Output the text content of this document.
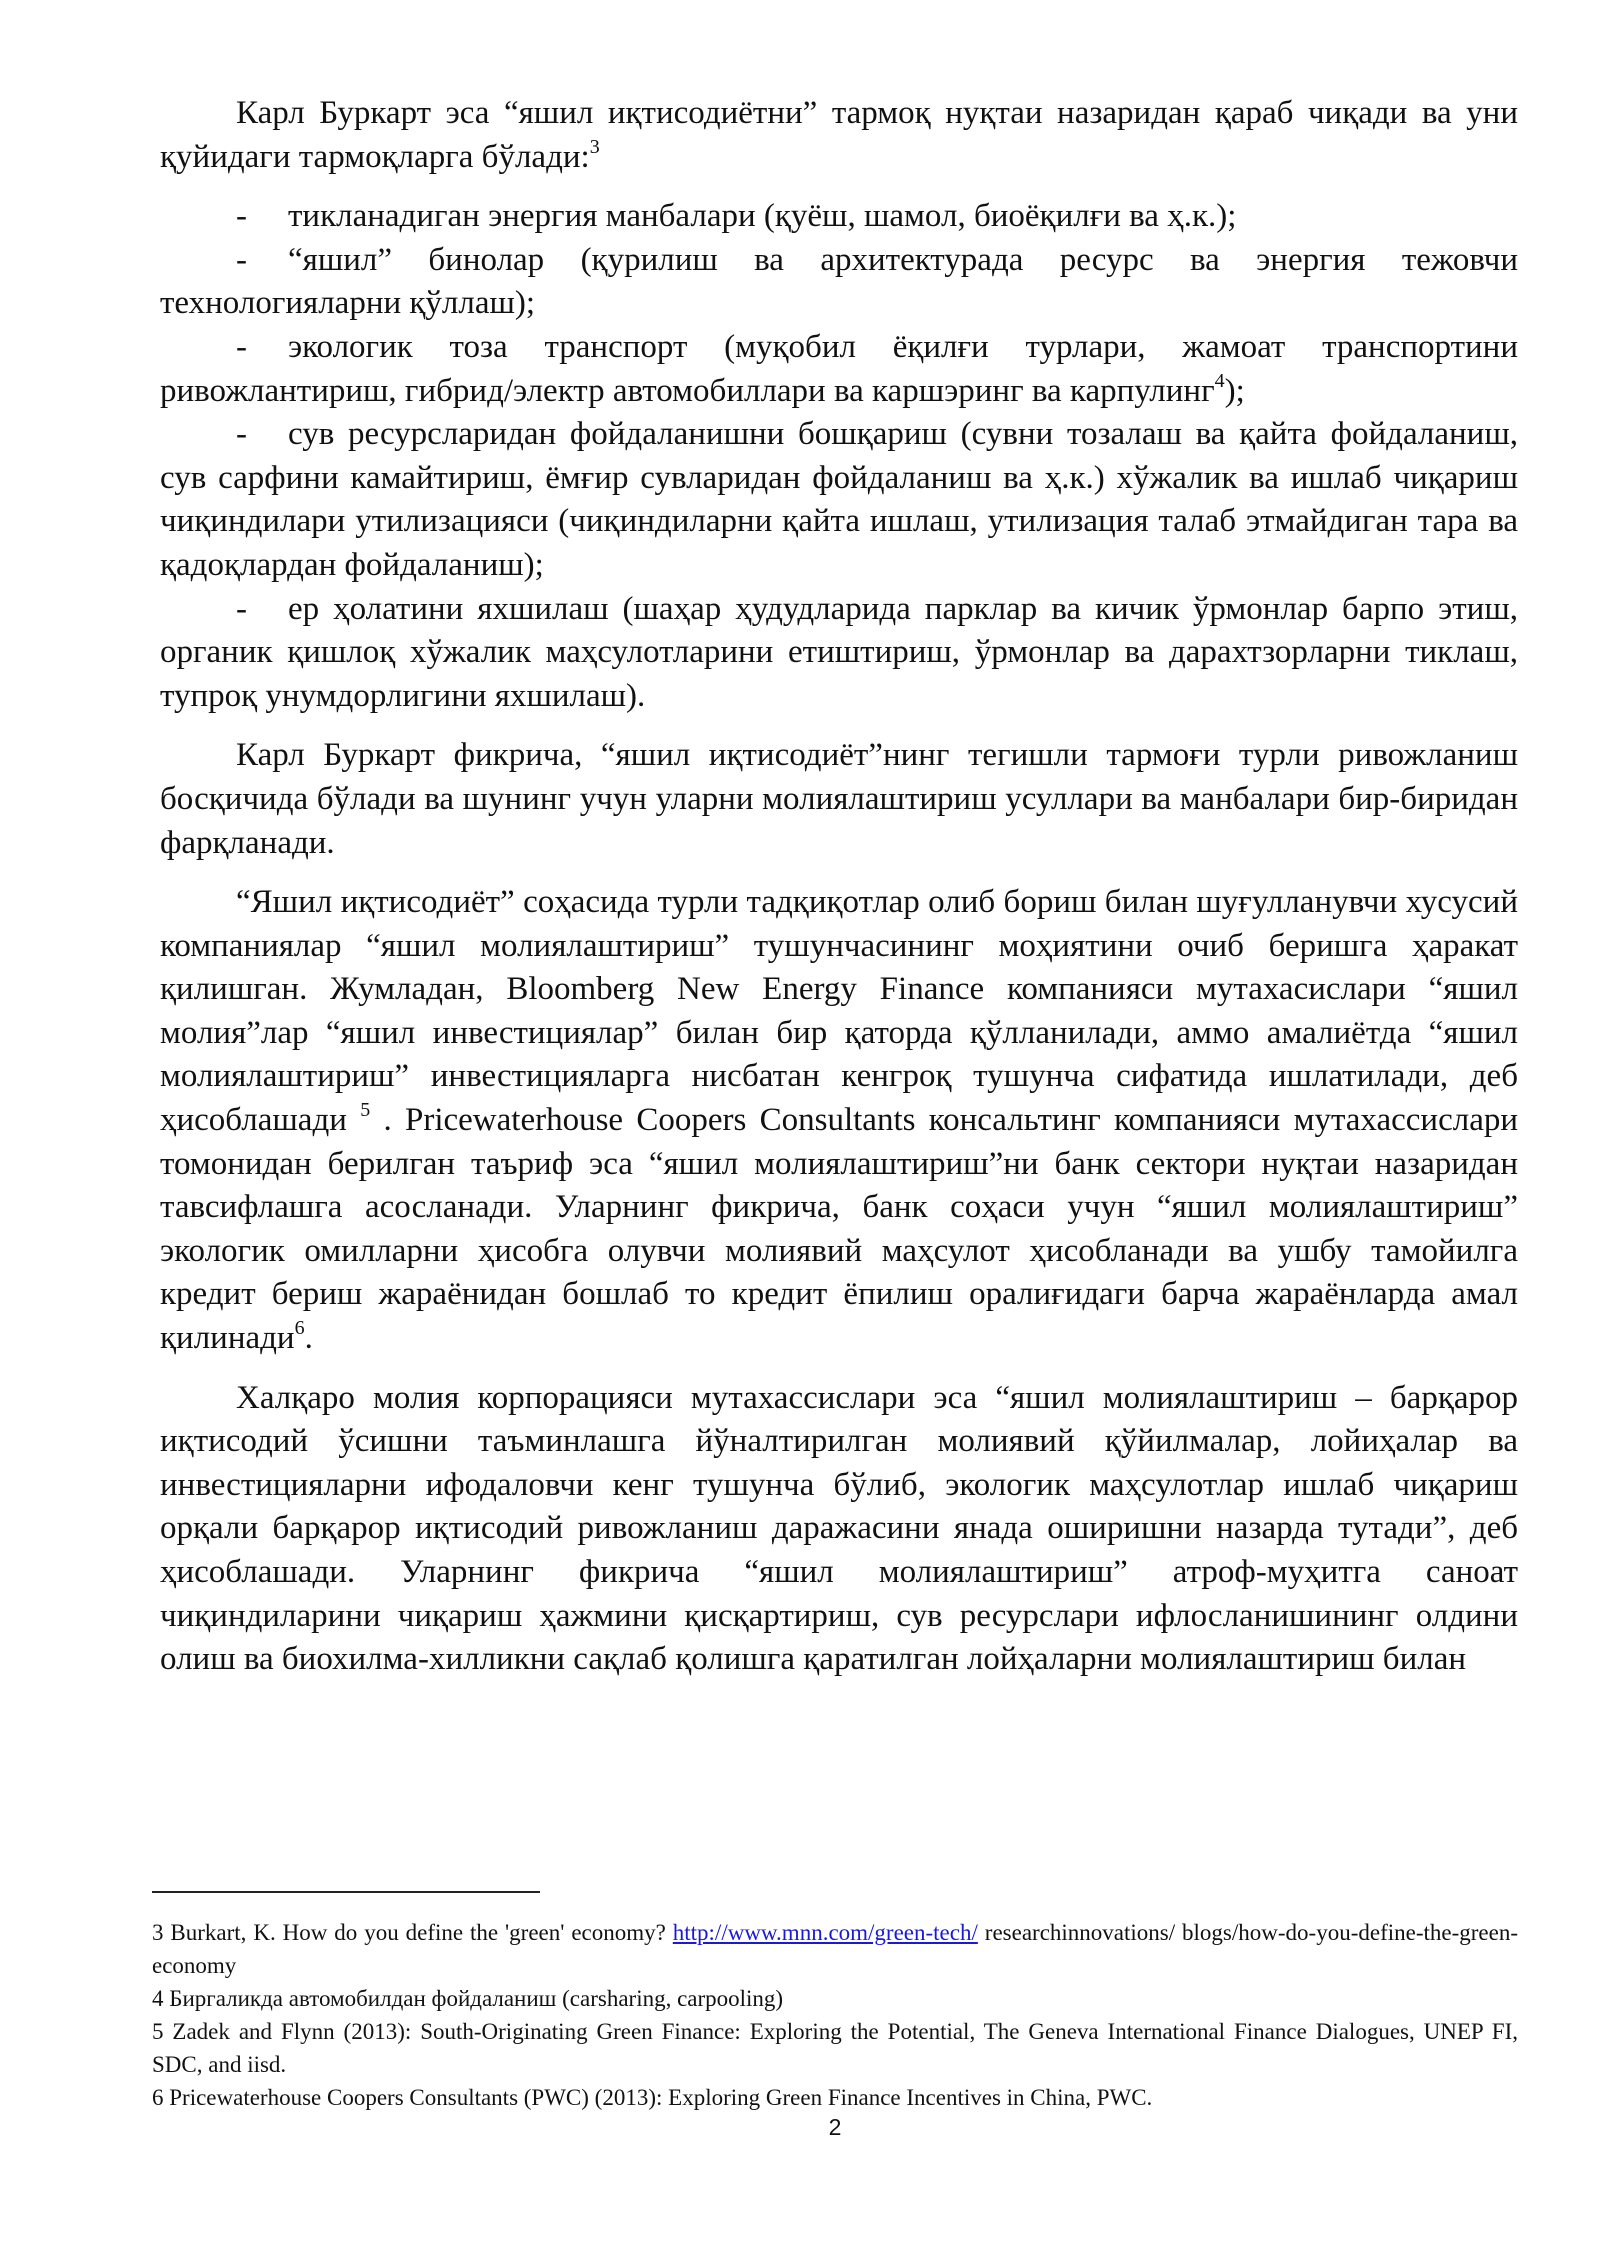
Карл Буркарт эса “яшил иқтисодиётни” тармоқ нуқтаи назаридан қараб чиқади ва уни қуйидаги тармоқларга бўлади:$^3$

- тикланадиган энергия манбалари (қуёш, шамол, биоёқилғи ва ҳ.к.);

- “яшил” бинолар (қурилиш ва архитектурада ресурс ва энергия тежовчи технологияларни қўллаш);

- экологик тоза транспорт (муқобил ёқилғи турлари, жамоат транспортини ривожлантириш, гибрид/электр автомобиллари ва каршэринг ва карпулинг$^4$);

- сув ресурсларидан фойдаланишни бошқариш (сувни тозалаш ва қайта фойдаланиш, сув сарфини камайтириш, ёмғир сувларидан фойдаланиш ва ҳ.к.) хўжалик ва ишлаб чиқариш чиқиндилари утилизацияси (чиқиндиларни қайта ишлаш, утилизация талаб этмайдиган тара ва қадоқлардан фойдаланиш);

- ер ҳолатини яхшилаш (шаҳар ҳудудларида парклар ва кичик ўрмонлар барпо этиш, органик қишлоқ хўжалик маҳсулотларини етиштириш, ўрмонлар ва дарахтзорларни тиклаш, тупроқ унумдорлигини яхшилаш).

Карл Буркарт фикрича, “яшил иқтисодиёт”нинг тегишли тармоғи турли ривожланиш босқичида бўлади ва шунинг учун уларни молиялаштириш усуллари ва манбалари бир-биридан фарқланади.

“Яшил иқтисодиёт” соҳасида турли тадқиқотлар олиб бориш билан шуғулланувчи хусусий компаниялар “яшил молиялаштириш” тушунчасининг моҳиятини очиб беришга ҳаракат қилишган. Жумладан, Bloomberg New Energy Finance компанияси мутахасислари “яшил молия”лар “яшил инвестициялар” билан бир қаторда қўлланилади, аммо амалиётда “яшил молиялаштириш” инвестицияларга нисбатан кенгроқ тушунча сифатида ишлатилади, деб ҳисоблашади $^5$ . Pricewaterhouse Coopers Consultants консальтинг компанияси мутахассислари томонидан берилган таъриф эса “яшил молиялаштириш”ни банк сектори нуқтаи назаридан тавсифлашга асосланади. Уларнинг фикрича, банк соҳаси учун “яшил молиялаштириш” экологик омилларни ҳисобга олувчи молиявий маҳсулот ҳисобланади ва ушбу тамойилга кредит бериш жараёнидан бошлаб то кредит ёпилиш оралиғидаги барча жараёнларда амал қилинади$^6$.

Халқаро молия корпорацияси мутахассислари эса “яшил молиялаштириш – барқарор иқтисодий ўсишни таъминлашга йўналтирилган молиявий қўйилмалар, лойиҳалар ва инвестицияларни ифодаловчи кенг тушунча бўлиб, экологик маҳсулотлар ишлаб чиқариш орқали барқарор иқтисодий ривожланиш даражасини янада оширишни назарда тутади”, деб ҳисоблашади. Уларнинг фикрича “яшил молиялаштириш” атроф-муҳитга саноат чиқиндиларини чиқариш ҳажмини қисқартириш, сув ресурслари ифлосланишининг олдини олиш ва биохилма-хилликни сақлаб қолишга қаратилган лойҳаларни молиялаштириш билан

3 Burkart, K. How do you define the 'green' economy? http://www.mnn.com/green-tech/ researchinnovations/ blogs/how-do-you-define-the-green-economy

4 Биргаликда автомобилдан фойдаланиш (carsharing, carpooling)

5 Zadek and Flynn (2013): South-Originating Green Finance: Exploring the Potential, The Geneva International Finance Dialogues, UNEP FI, SDC, and iisd.

6 Pricewaterhouse Coopers Consultants (PWC) (2013): Exploring Green Finance Incentives in China, PWC.

2
